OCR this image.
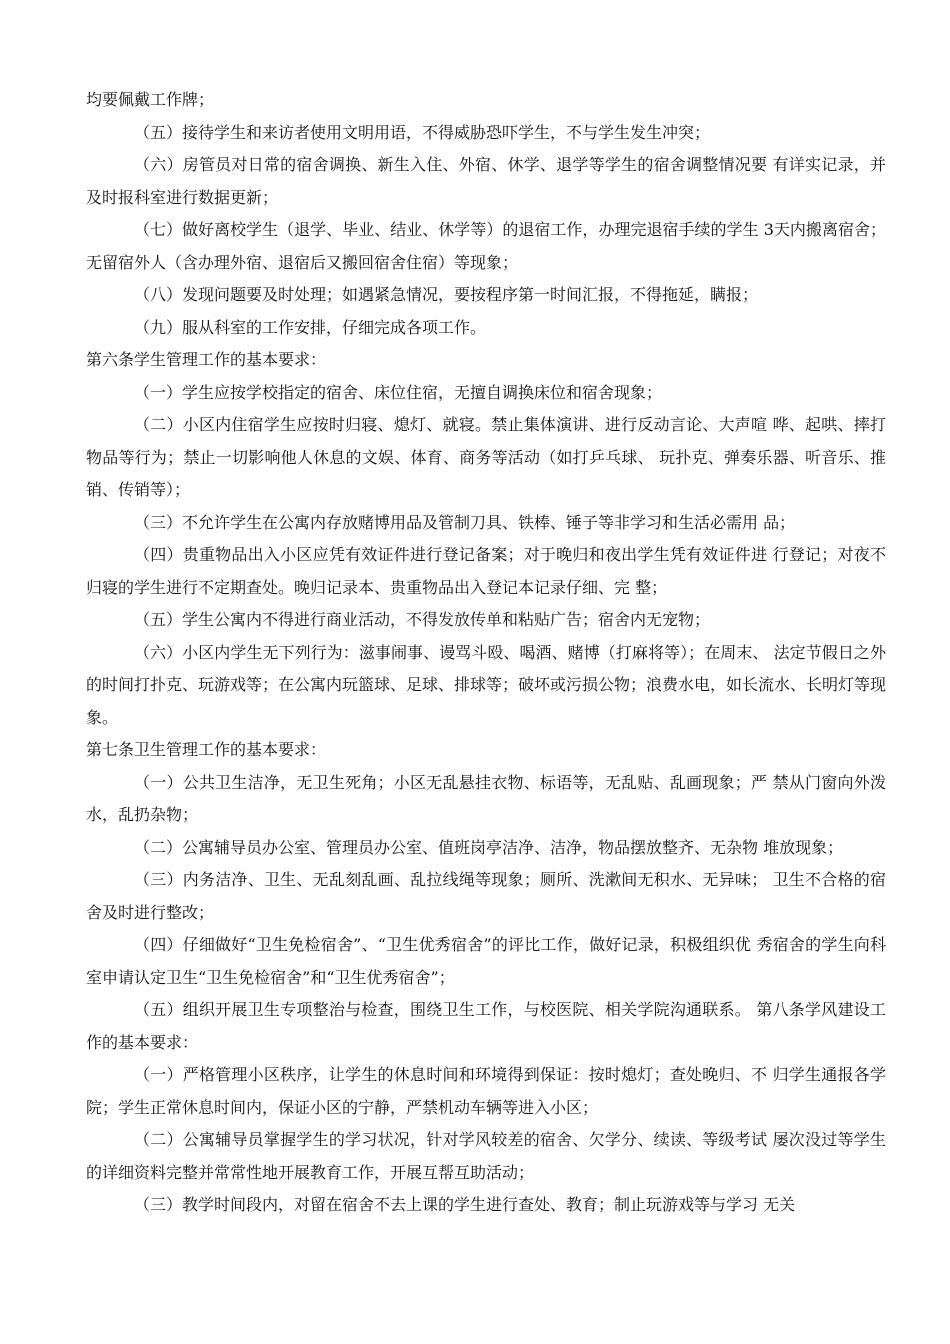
均要佩戴工作牌；

（五）接待学生和来访者使用文明用语，不得威胁恐吓学生，不与学生发生冲突；

（六）房管员对日常的宿舍调换、新生入住、外宿、休学、退学等学生的宿舍调整情况要 有详实记录，并及时报科室进行数据更新；

（七）做好离校学生（退学、毕业、结业、休学等）的退宿工作，办理完退宿手续的学生 3天内搬离宿舍；无留宿外人（含办理外宿、退宿后又搬回宿舍住宿）等现象；

（八）发现问题要及时处理；如遇紧急情况，要按程序第一时间汇报，不得拖延，瞒报；

（九）服从科室的工作安排，仔细完成各项工作。

第六条学生管理工作的基本要求：

（一）学生应按学校指定的宿舍、床位住宿，无擅自调换床位和宿舍现象；

（二）小区内住宿学生应按时归寝、熄灯、就寝。禁止集体演讲、进行反动言论、大声喧 哗、起哄、摔打物品等行为；禁止一切影响他人休息的文娱、体育、商务等活动（如打乒乓球、 玩扑克、弹奏乐器、听音乐、推销、传销等）；

（三）不允许学生在公寓内存放赌博用品及管制刀具、铁棒、锤子等非学习和生活必需用 品；

（四）贵重物品出入小区应凭有效证件进行登记备案；对于晚归和夜出学生凭有效证件进 行登记；对夜不归寝的学生进行不定期查处。晚归记录本、贵重物品出入登记本记录仔细、完 整；

（五）学生公寓内不得进行商业活动，不得发放传单和粘贴广告；宿舍内无宠物；

（六）小区内学生无下列行为：滋事闹事、谩骂斗殴、喝酒、赌博（打麻将等）；在周末、 法定节假日之外的时间打扑克、玩游戏等；在公寓内玩篮球、足球、排球等；破坏或污损公物；浪费水电，如长流水、长明灯等现象。

第七条卫生管理工作的基本要求：

（一）公共卫生洁净，无卫生死角；小区无乱悬挂衣物、标语等，无乱贴、乱画现象；严 禁从门窗向外泼水，乱扔杂物；

（二）公寓辅导员办公室、管理员办公室、值班岗亭洁净、洁净，物品摆放整齐、无杂物 堆放现象；

（三）内务洁净、卫生、无乱刻乱画、乱拉线绳等现象；厕所、洗漱间无积水、无异味； 卫生不合格的宿舍及时进行整改；

（四）仔细做好“卫生免检宿舍”、“卫生优秀宿舍”的评比工作，做好记录，积极组织优 秀宿舍的学生向科室申请认定卫生“卫生免检宿舍”和“卫生优秀宿舍”；

（五）组织开展卫生专项整治与检查，围绕卫生工作，与校医院、相关学院沟通联系。 第八条学风建设工作的基本要求：

（一）严格管理小区秩序，让学生的休息时间和环境得到保证：按时熄灯；查处晚归、不 归学生通报各学院；学生正常休息时间内，保证小区的宁静，严禁机动车辆等进入小区；

（二）公寓辅导员掌握学生的学习状况，针对学风较差的宿舍、欠学分、续读、等级考试 屡次没过等学生的详细资料完整并常常性地开展教育工作，开展互帮互助活动；

（三）教学时间段内，对留在宿舍不去上课的学生进行查处、教育；制止玩游戏等与学习 无关
